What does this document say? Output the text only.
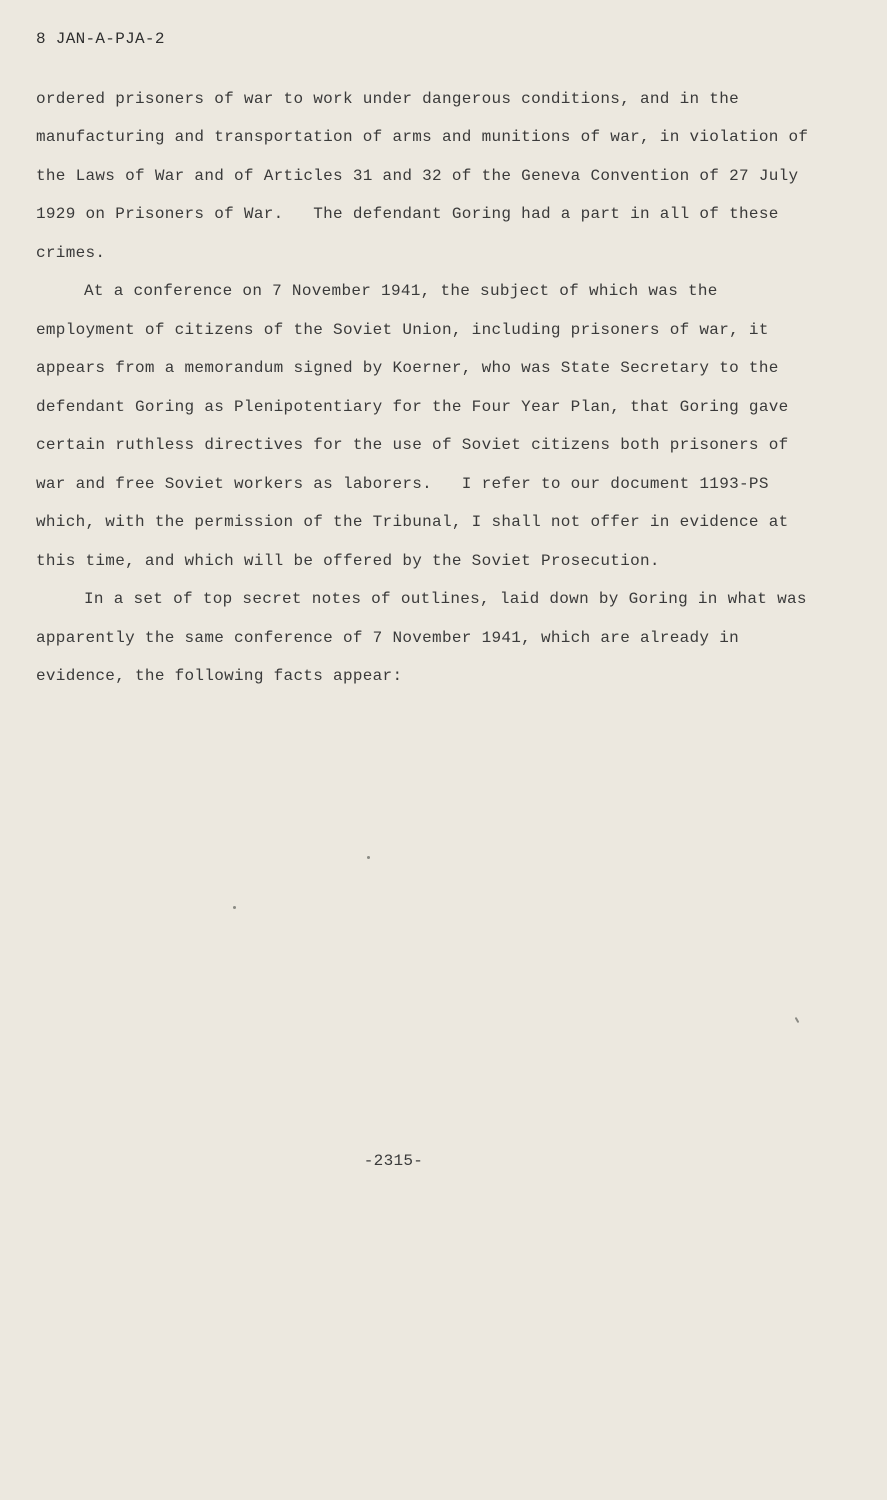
8 JAN-A-PJA-2
ordered prisoners of war to work under dangerous conditions, and in the
manufacturing and transportation of arms and munitions of war, in violation of
the Laws of War and of Articles 31 and 32 of the Geneva Convention of 27 July
1929 on Prisoners of War.   The defendant Goring had a part in all of these
crimes.
At a conference on 7 November 1941, the subject of which was the
employment of citizens of the Soviet Union, including prisoners of war, it
appears from a memorandum signed by Koerner, who was State Secretary to the
defendant Goring as Plenipotentiary for the Four Year Plan, that Goring gave
certain ruthless directives for the use of Soviet citizens both prisoners of
war and free Soviet workers as laborers.   I refer to our document 1193-PS
which, with the permission of the Tribunal, I shall not offer in evidence at
this time, and which will be offered by the Soviet Prosecution.
In a set of top secret notes of outlines, laid down by Goring in what was
apparently the same conference of 7 November 1941, which are already in
evidence, the following facts appear:
-2315-
